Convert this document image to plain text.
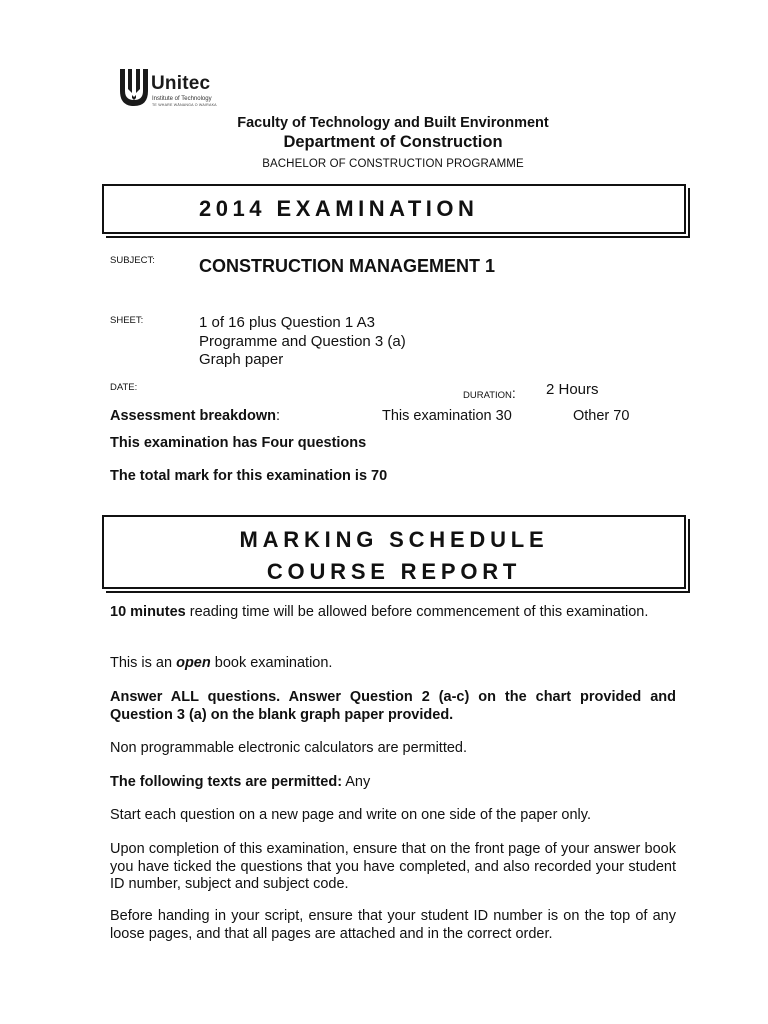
Unitec
Institute of Technology
TE WHARE WĀNANGA O WAIRAKA
Faculty of Technology and Built Environment
Department of Construction
BACHELOR OF CONSTRUCTION PROGRAMME
2014 EXAMINATION
SUBJECT: CONSTRUCTION MANAGEMENT 1
SHEET:	1 of 16 plus Question 1 A3
Programme and Question 3 (a)
Graph paper
DATE:
DURATION: 2 Hours
Assessment breakdown:	This examination 30	Other 70
This examination has Four questions
The total mark for this examination is 70
MARKING SCHEDULE
COURSE REPORT
10 minutes reading time will be allowed before commencement of this examination.
This is an open book examination.
Answer ALL questions. Answer Question 2 (a-c) on the chart provided and Question 3 (a) on the blank graph paper provided.
Non programmable electronic calculators are permitted.
The following texts are permitted: Any
Start each question on a new page and write on one side of the paper only.
Upon completion of this examination, ensure that on the front page of your answer book you have ticked the questions that you have completed, and also recorded your student ID number, subject and subject code.
Before handing in your script, ensure that your student ID number is on the top of any loose pages, and that all pages are attached and in the correct order.
